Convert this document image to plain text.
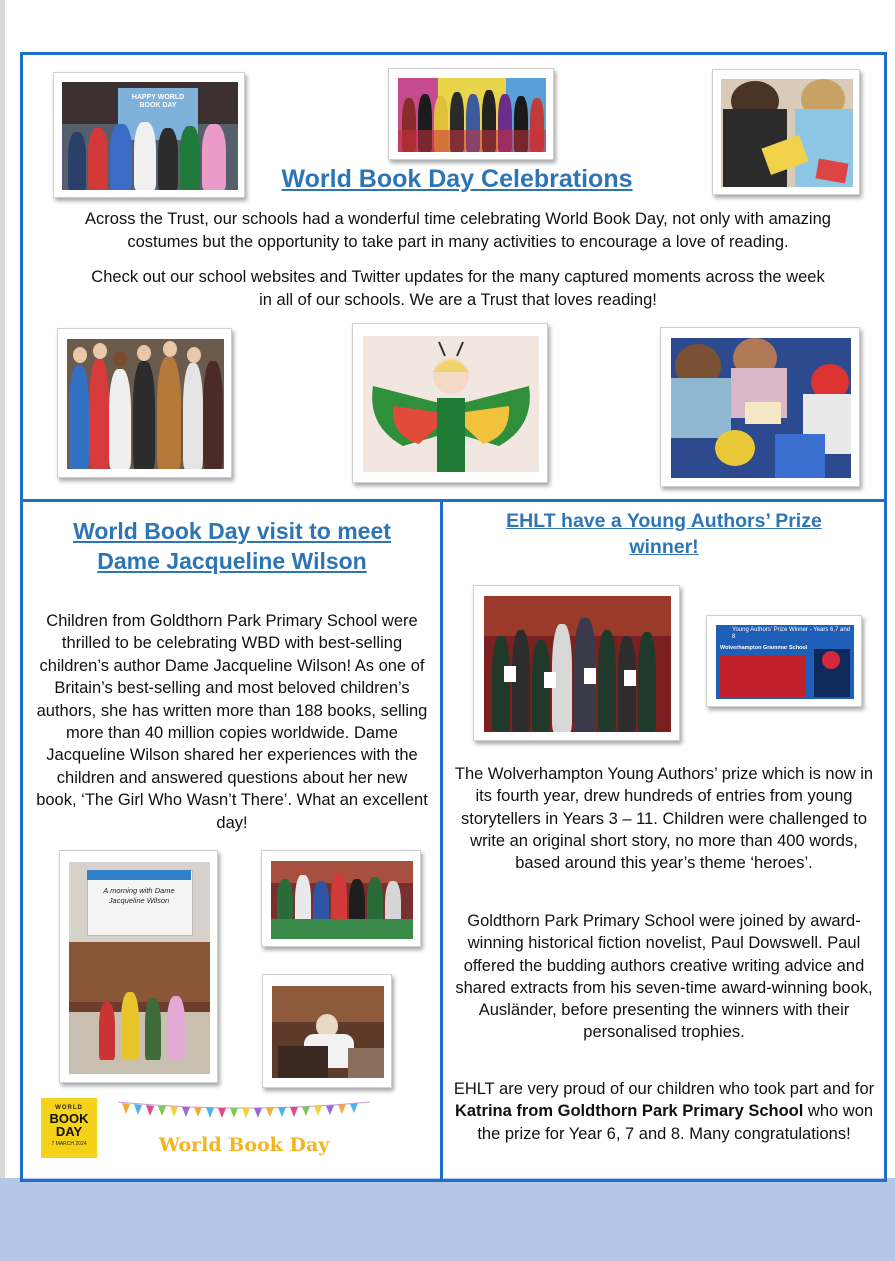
HAPPY WORLD BOOK DAY
World Book Day Celebrations

Across the Trust, our schools had a wonderful time celebrating World Book Day, not only with amazing costumes but the opportunity to take part in many activities to encourage a love of reading.

Check out our school websites and Twitter updates for the many captured moments across the week

in all of our schools. We are a Trust that loves reading!

World Book Day visit to meet
Dame Jacqueline Wilson

Children from Goldthorn Park Primary School were thrilled to be celebrating WBD with best-selling children’s author Dame Jacqueline Wilson! As one of Britain’s best-selling and most beloved children’s authors, she has written more than 188 books, selling more than 40 million copies worldwide. Dame Jacqueline Wilson shared her experiences with the children and answered questions about her new book, ‘The Girl Who Wasn’t There’. What an excellent day!

A morning with Dame Jacqueline Wilson
WORLD
BOOK
DAY
7 MARCH 2024	World Book Day
EHLT have a Young Authors’ Prize
winner!
Young Authors' Prize Winner - Years 6,7 and 8
Wolverhampton Grammar School

The Wolverhampton Young Authors’ prize which is now in its fourth year, drew hundreds of entries from young storytellers in Years 3 – 11. Children were challenged to write an original short story, no more than 400 words, based around this year’s theme ‘heroes’.

Goldthorn Park Primary School were joined by award-winning historical fiction novelist, Paul Dowswell. Paul offered the budding authors creative writing advice and shared extracts from his seven-time award-winning book, Ausländer, before presenting the winners with their personalised trophies.

EHLT are very proud of our children who took part and for Katrina from Goldthorn Park Primary School who won the prize for Year 6, 7 and 8. Many congratulations!
